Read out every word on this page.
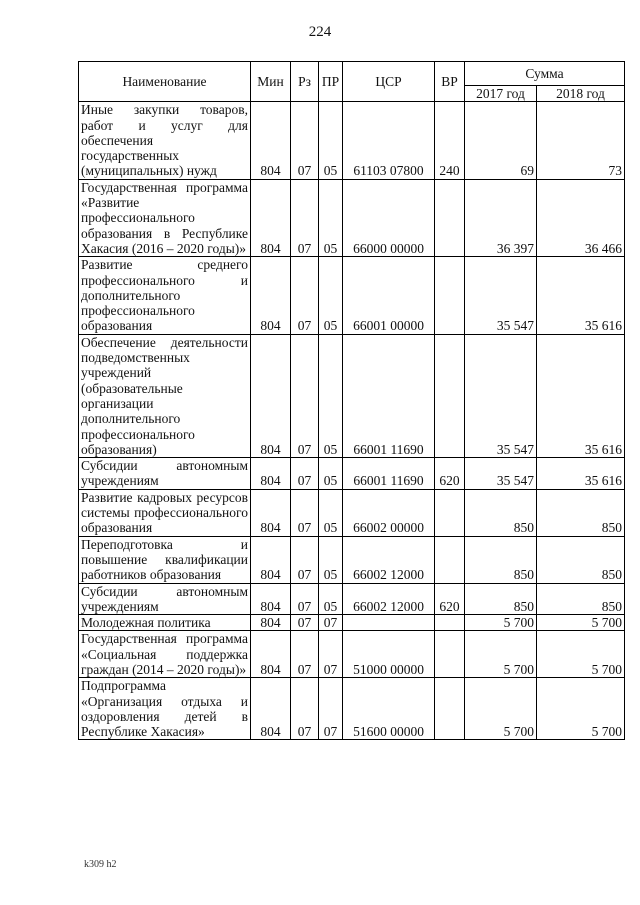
224
Наименование	Мин	Рз	ПР	ЦСР	ВР	Сумма	
						2017 год	2018 год
Иные закупки товаров, работ и услуг для обеспечения государственных (муниципальных) нужд	804	07	05	61103 07800	240	69	73
Государственная программа «Развитие профессионального образования в Республике Хакасия (2016 – 2020 годы)»	804	07	05	66000 00000		36 397	36 466
Развитие среднего профессионального и дополнительного профессионального образования	804	07	05	66001 00000		35 547	35 616
Обеспечение деятельности подведомственных учреждений (образовательные организации дополнительного профессионального образования)	804	07	05	66001 11690		35 547	35 616
Субсидии автономным учреждениям	804	07	05	66001 11690	620	35 547	35 616
Развитие кадровых ресурсов системы профессионального образования	804	07	05	66002 00000		850	850
Переподготовка и повышение квалификации работников образования	804	07	05	66002 12000		850	850
Субсидии автономным учреждениям	804	07	05	66002 12000	620	850	850
Молодежная политика	804	07	07			5 700	5 700
Государственная программа «Социальная поддержка граждан (2014 – 2020 годы)»	804	07	07	51000 00000		5 700	5 700
Подпрограмма «Организация отдыха и оздоровления детей в Республике Хакасия»	804	07	07	51600 00000		5 700	5 700
k309 h2
